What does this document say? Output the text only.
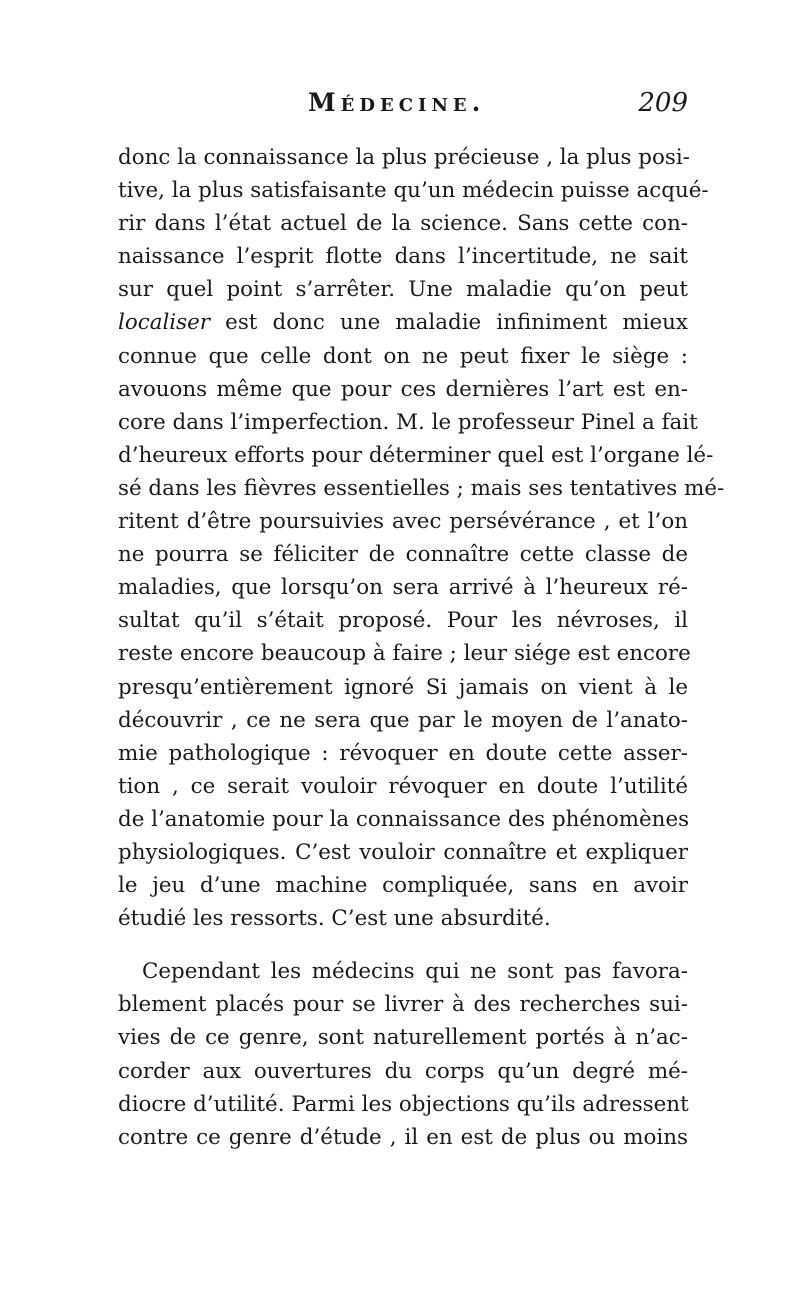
Médecine.	209
donc la connaissance la plus précieuse , la plus posi-
tive, la plus satisfaisante qu’un médecin puisse acqué-
rir dans l’état actuel de la science. Sans cette con-
naissance l’esprit flotte dans l’incertitude, ne sait
sur quel point s’arrêter. Une maladie qu’on peut
localiser est donc une maladie infiniment mieux
connue que celle dont on ne peut fixer le siège :
avouons même que pour ces dernières l’art est en-
core dans l’imperfection. M. le professeur Pinel a fait
d’heureux efforts pour déterminer quel est l’organe lé-
sé dans les fièvres essentielles ; mais ses tentatives mé-
ritent d’être poursuivies avec persévérance , et l’on
ne pourra se féliciter de connaître cette classe de
maladies, que lorsqu’on sera arrivé à l’heureux ré-
sultat qu’il s’était proposé. Pour les névroses, il
reste encore beaucoup à faire ; leur siége est encore
presqu’entièrement ignoré Si jamais on vient à le
découvrir , ce ne sera que par le moyen de l’anato-
mie pathologique : révoquer en doute cette asser-
tion , ce serait vouloir révoquer en doute l’utilité
de l’anatomie pour la connaissance des phénomènes
physiologiques. C’est vouloir connaître et expliquer
le jeu d’une machine compliquée, sans en avoir
étudié les ressorts. C’est une absurdité.
Cependant les médecins qui ne sont pas favora-
blement placés pour se livrer à des recherches sui-
vies de ce genre, sont naturellement portés à n’ac-
corder aux ouvertures du corps qu’un degré mé-
diocre d’utilité. Parmi les objections qu’ils adressent
contre ce genre d’étude , il en est de plus ou moins
